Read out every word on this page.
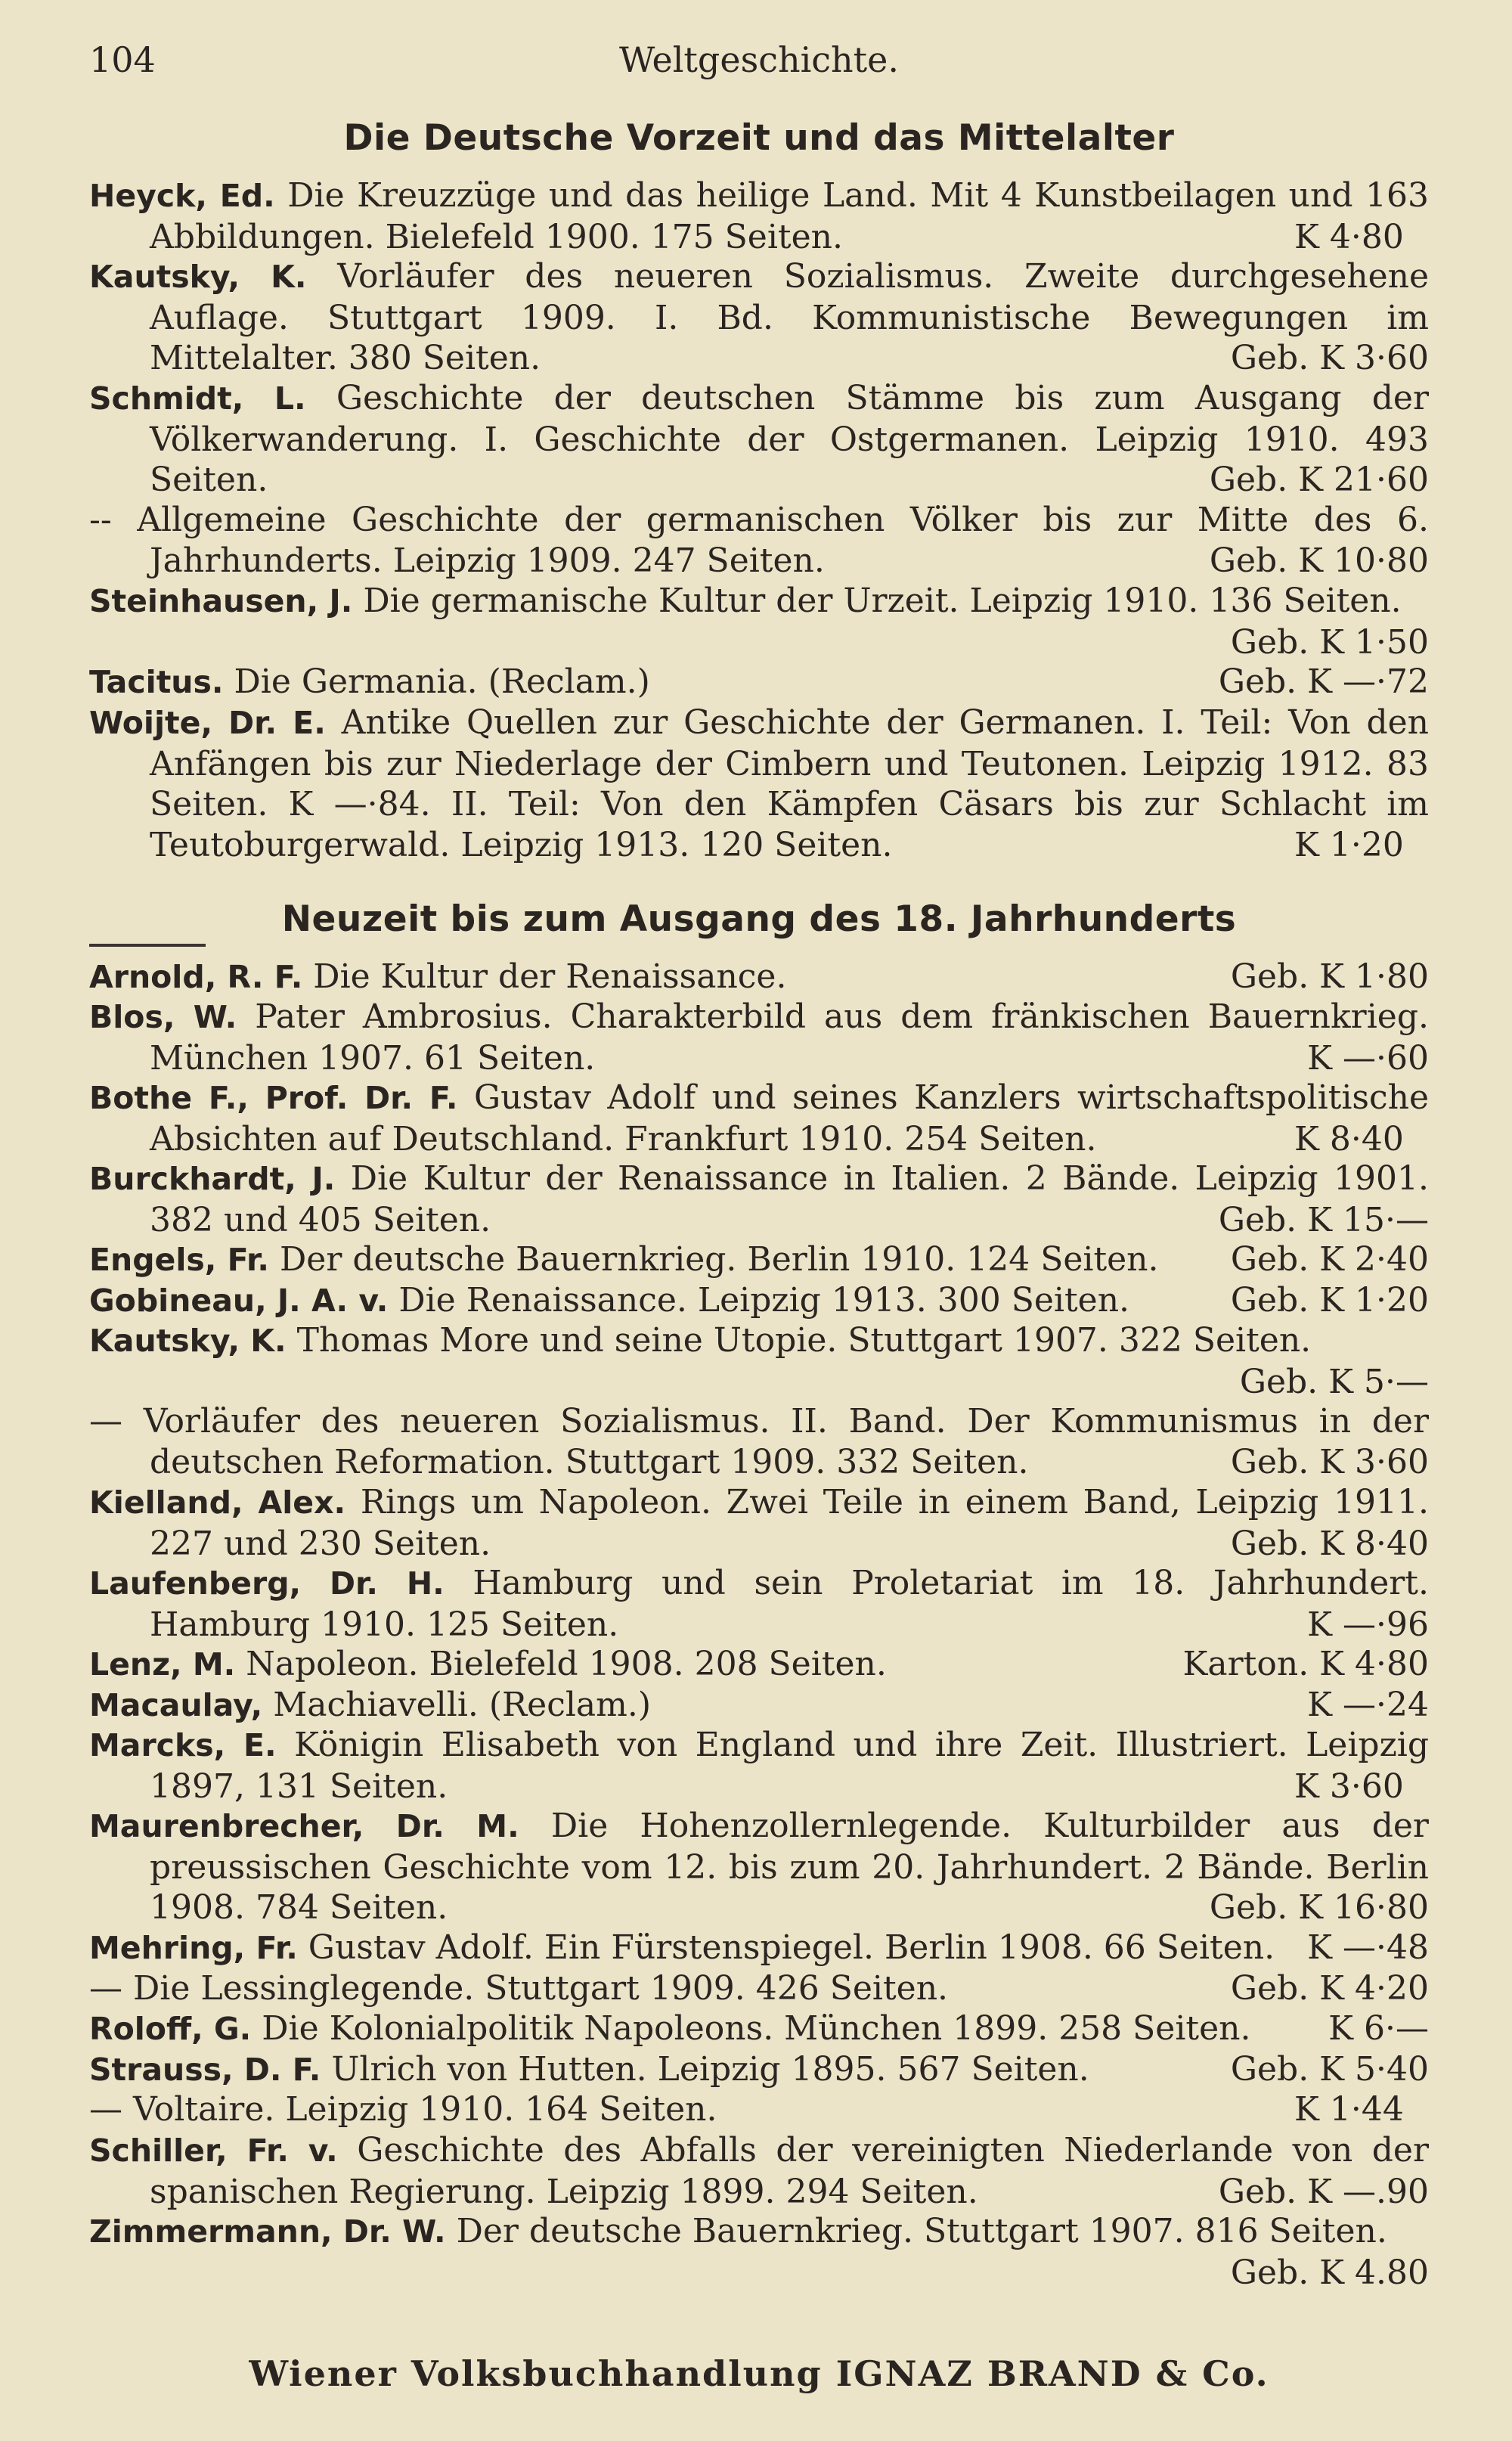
104	Weltgeschichte.
Die Deutsche Vorzeit und das Mittelalter
Heyck, Ed. Die Kreuzzüge und das heilige Land. Mit 4 Kunstbeilagen und 163 Abbildungen. Bielefeld 1900. 175 Seiten.	K 4·80
Kautsky, K. Vorläufer des neueren Sozialismus. Zweite durchgesehene Auflage. Stuttgart 1909. I. Bd. Kommunistische Bewegungen im Mittelalter. 380 Seiten.	Geb. K 3·60
Schmidt, L. Geschichte der deutschen Stämme bis zum Ausgang der Völkerwanderung. I. Geschichte der Ostgermanen. Leipzig 1910. 493 Seiten.	Geb. K 21·60
-- Allgemeine Geschichte der germanischen Völker bis zur Mitte des 6. Jahrhunderts. Leipzig 1909. 247 Seiten.	Geb. K 10·80
Steinhausen, J. Die germanische Kultur der Urzeit. Leipzig 1910. 136 Seiten.
Geb. K 1·50
Tacitus. Die Germania. (Reclam.)	Geb. K —·72
Woijte, Dr. E. Antike Quellen zur Geschichte der Germanen. I. Teil: Von den Anfängen bis zur Niederlage der Cimbern und Teutonen. Leipzig 1912. 83 Seiten. K —·84. II. Teil: Von den Kämpfen Cäsars bis zur Schlacht im Teutoburgerwald. Leipzig 1913. 120 Seiten.	K 1·20
Neuzeit bis zum Ausgang des 18. Jahrhunderts
Arnold, R. F. Die Kultur der Renaissance.	Geb. K 1·80
Blos, W. Pater Ambrosius. Charakterbild aus dem fränkischen Bauernkrieg. München 1907. 61 Seiten.	K —·60
Bothe F., Prof. Dr. F. Gustav Adolf und seines Kanzlers wirtschaftspolitische Absichten auf Deutschland. Frankfurt 1910. 254 Seiten.	K 8·40
Burckhardt, J. Die Kultur der Renaissance in Italien. 2 Bände. Leipzig 1901. 382 und 405 Seiten.	Geb. K 15·—
Engels, Fr. Der deutsche Bauernkrieg. Berlin 1910. 124 Seiten. Geb. K 2·40
Gobineau, J. A. v. Die Renaissance. Leipzig 1913. 300 Seiten.	Geb. K 1·20
Kautsky, K. Thomas More und seine Utopie. Stuttgart 1907. 322 Seiten.
Geb. K 5·—
— Vorläufer des neueren Sozialismus. II. Band. Der Kommunismus in der deutschen Reformation. Stuttgart 1909. 332 Seiten.	Geb. K 3·60
Kielland, Alex. Rings um Napoleon. Zwei Teile in einem Band, Leipzig 1911. 227 und 230 Seiten.	Geb. K 8·40
Laufenberg, Dr. H. Hamburg und sein Proletariat im 18. Jahrhundert. Hamburg 1910. 125 Seiten.	K —·96
Lenz, M. Napoleon. Bielefeld 1908. 208 Seiten.	Karton. K 4·80
Macaulay, Machiavelli. (Reclam.)	K —·24
Marcks, E. Königin Elisabeth von England und ihre Zeit. Illustriert. Leipzig 1897, 131 Seiten.	K 3·60
Maurenbrecher, Dr. M. Die Hohenzollernlegende. Kulturbilder aus der preussischen Geschichte vom 12. bis zum 20. Jahrhundert. 2 Bände. Berlin 1908. 784 Seiten.	Geb. K 16·80
Mehring, Fr. Gustav Adolf. Ein Fürstenspiegel. Berlin 1908. 66 Seiten. K —·48
— Die Lessinglegende. Stuttgart 1909. 426 Seiten.	Geb. K 4·20
Roloff, G. Die Kolonialpolitik Napoleons. München 1899. 258 Seiten. K 6·—
Strauss, D. F. Ulrich von Hutten. Leipzig 1895. 567 Seiten.	Geb. K 5·40
— Voltaire. Leipzig 1910. 164 Seiten.	K 1·44
Schiller, Fr. v. Geschichte des Abfalls der vereinigten Niederlande von der spanischen Regierung. Leipzig 1899. 294 Seiten.	Geb. K —.90
Zimmermann, Dr. W. Der deutsche Bauernkrieg. Stuttgart 1907. 816 Seiten.
Geb. K 4.80
Wiener Volksbuchhandlung IGNAZ BRAND & Co.
